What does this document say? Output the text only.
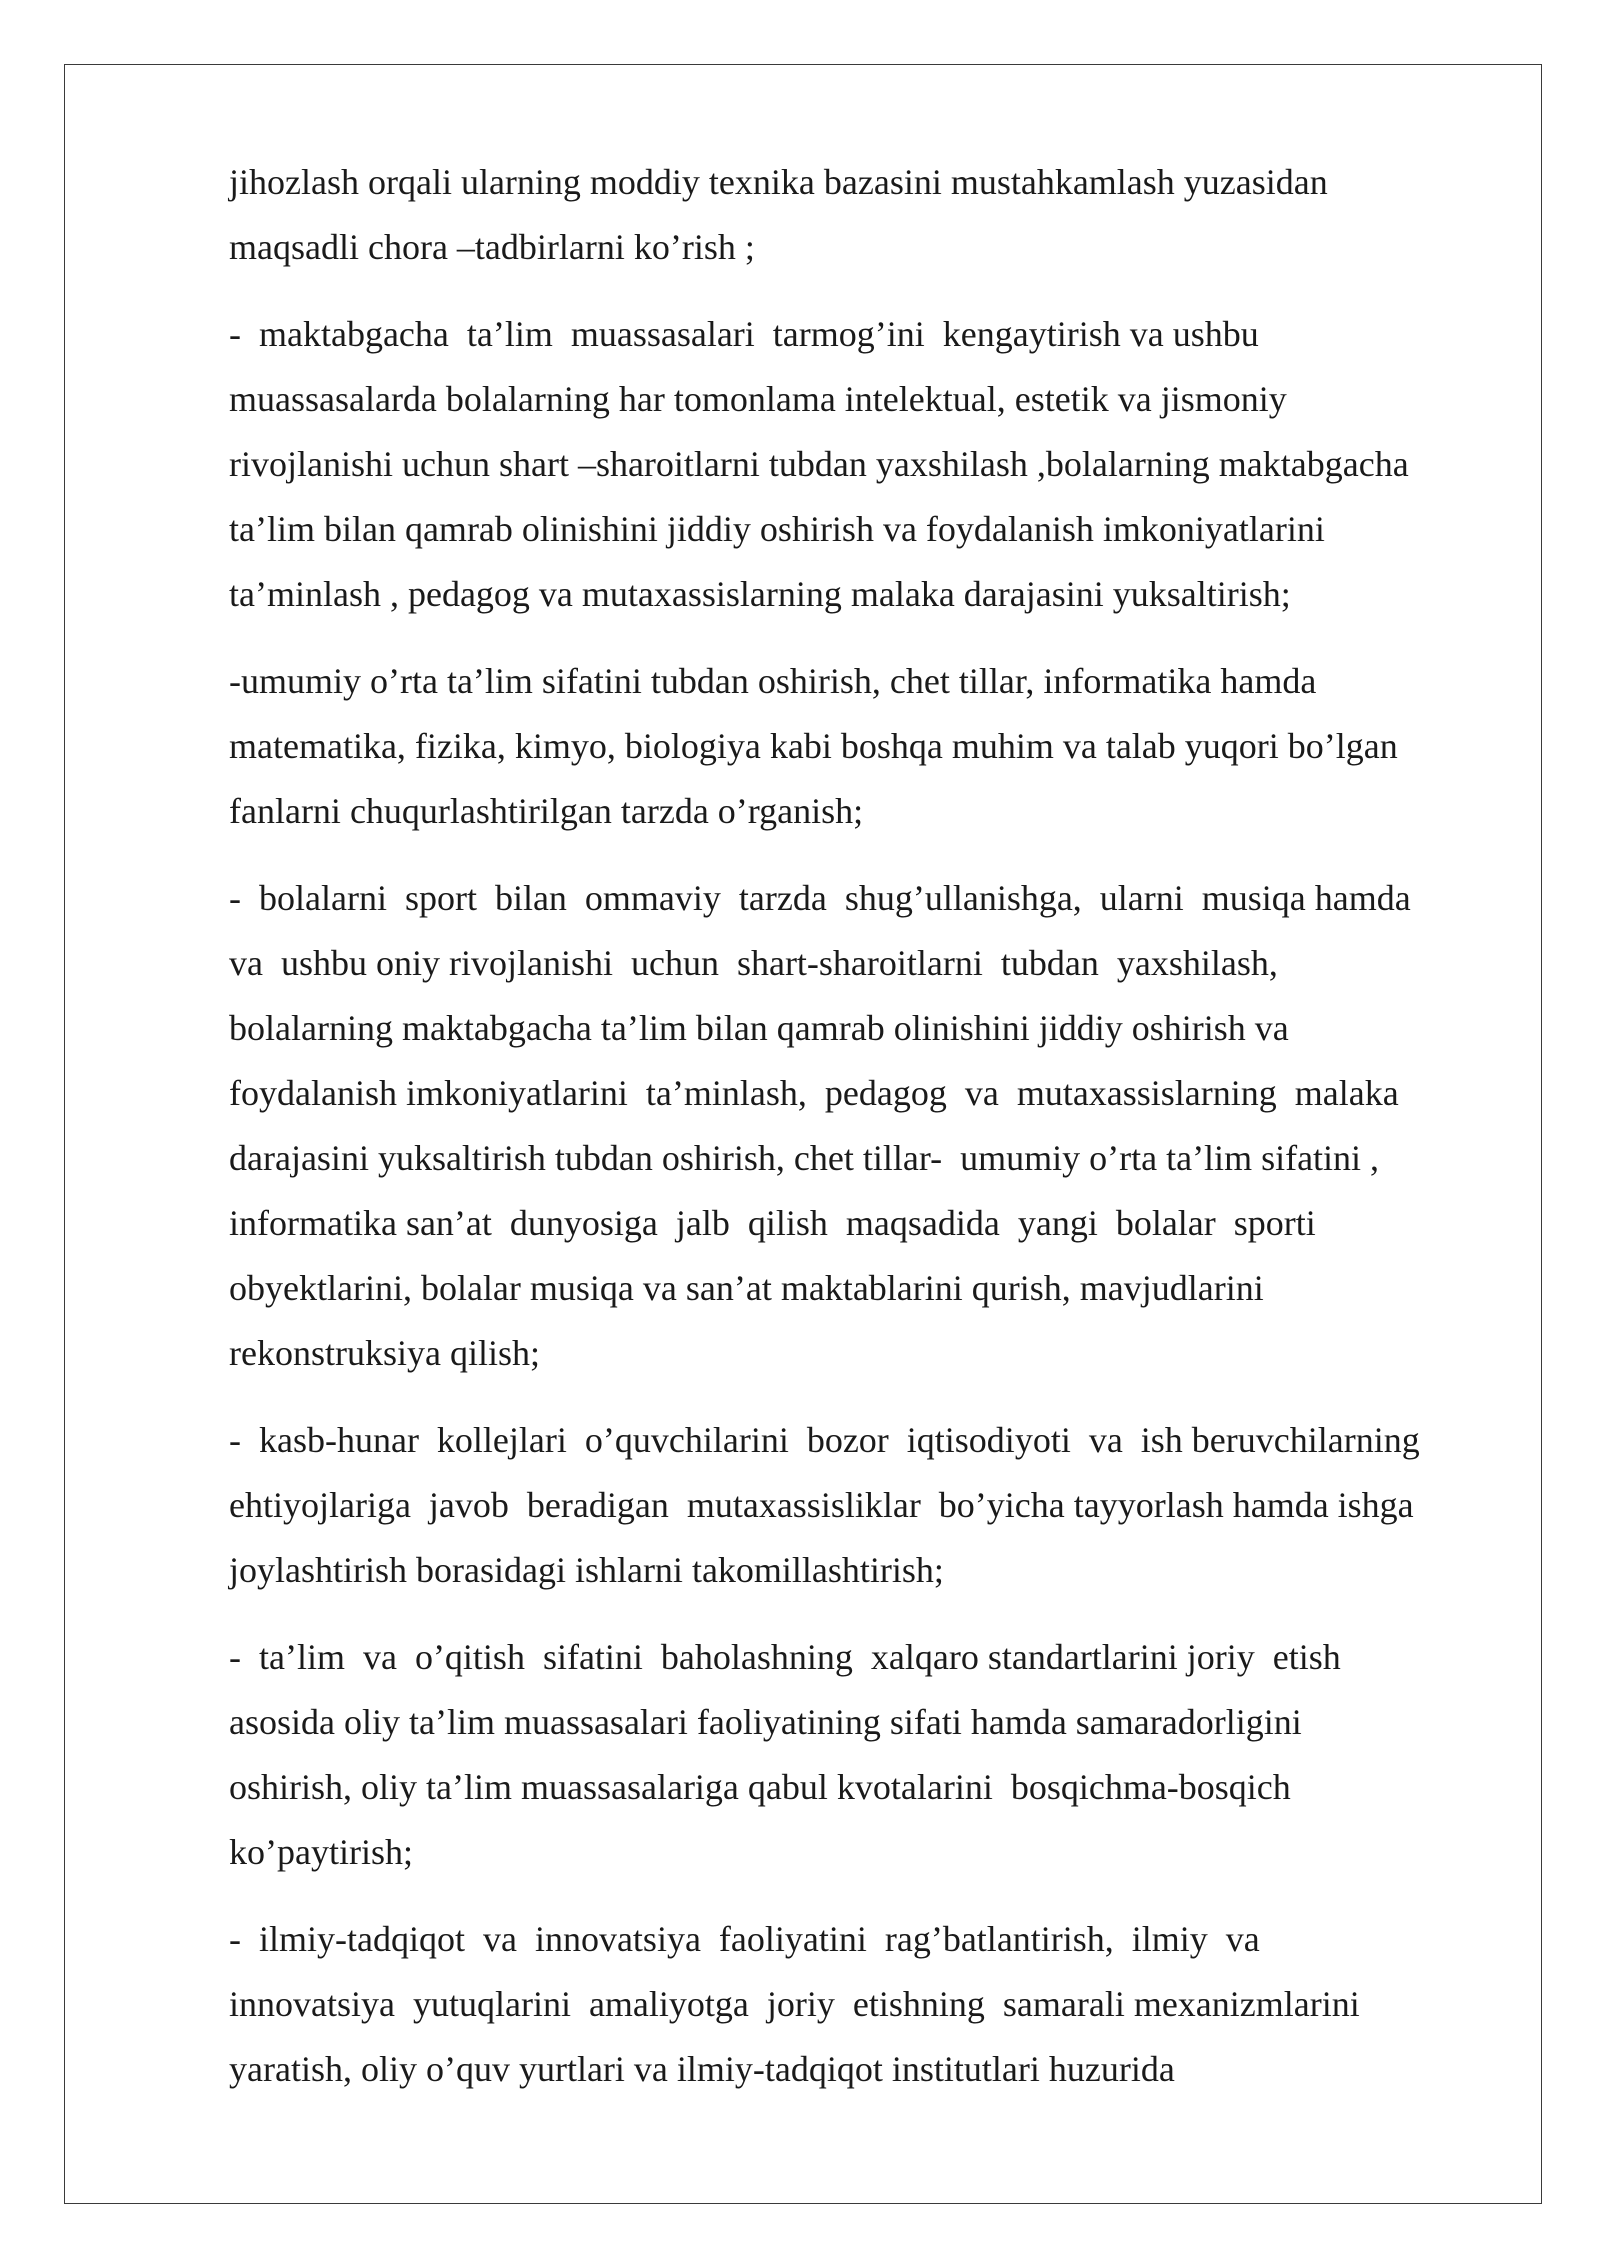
jihozlash orqali ularning moddiy texnika bazasini mustahkamlash yuzasidan
maqsadli chora –tadbirlarni ko’rish ;

-  maktabgacha  ta’lim  muassasalari  tarmog’ini  kengaytirish va ushbu
muassasalarda bolalarning har tomonlama intelektual, estetik va jismoniy
rivojlanishi uchun shart –sharoitlarni tubdan yaxshilash ,bolalarning maktabgacha
ta’lim bilan qamrab olinishini jiddiy oshirish va foydalanish imkoniyatlarini
ta’minlash , pedagog va mutaxassislarning malaka darajasini yuksaltirish;

-umumiy o’rta ta’lim sifatini tubdan oshirish, chet tillar, informatika hamda
matematika, fizika, kimyo, biologiya kabi boshqa muhim va talab yuqori bo’lgan
fanlarni chuqurlashtirilgan tarzda o’rganish;

-  bolalarni  sport  bilan  ommaviy  tarzda  shug’ullanishga,  ularni  musiqa hamda
va  ushbu oniy rivojlanishi  uchun  shart-sharoitlarni  tubdan  yaxshilash,
bolalarning maktabgacha ta’lim bilan qamrab olinishini jiddiy oshirish va
foydalanish imkoniyatlarini  ta’minlash,  pedagog  va  mutaxassislarning  malaka
darajasini yuksaltirish tubdan oshirish, chet tillar-  umumiy o’rta ta’lim sifatini ,
informatika san’at  dunyosiga  jalb  qilish  maqsadida  yangi  bolalar  sporti
obyektlarini, bolalar musiqa va san’at maktablarini qurish, mavjudlarini
rekonstruksiya qilish;

-  kasb-hunar  kollejlari  o’quvchilarini  bozor  iqtisodiyoti  va  ish beruvchilarning
ehtiyojlariga  javob  beradigan  mutaxassisliklar  bo’yicha tayyorlash hamda ishga
joylashtirish borasidagi ishlarni takomillashtirish;

-  ta’lim  va  o’qitish  sifatini  baholashning  xalqaro standartlarini joriy  etish
asosida oliy ta’lim muassasalari faoliyatining sifati hamda samaradorligini
oshirish, oliy ta’lim muassasalariga qabul kvotalarini  bosqichma-bosqich
ko’paytirish;

-  ilmiy-tadqiqot  va  innovatsiya  faoliyatini  rag’batlantirish,  ilmiy  va
innovatsiya  yutuqlarini  amaliyotga  joriy  etishning  samarali mexanizmlarini
yaratish, oliy o’quv yurtlari va ilmiy-tadqiqot institutlari huzurida
